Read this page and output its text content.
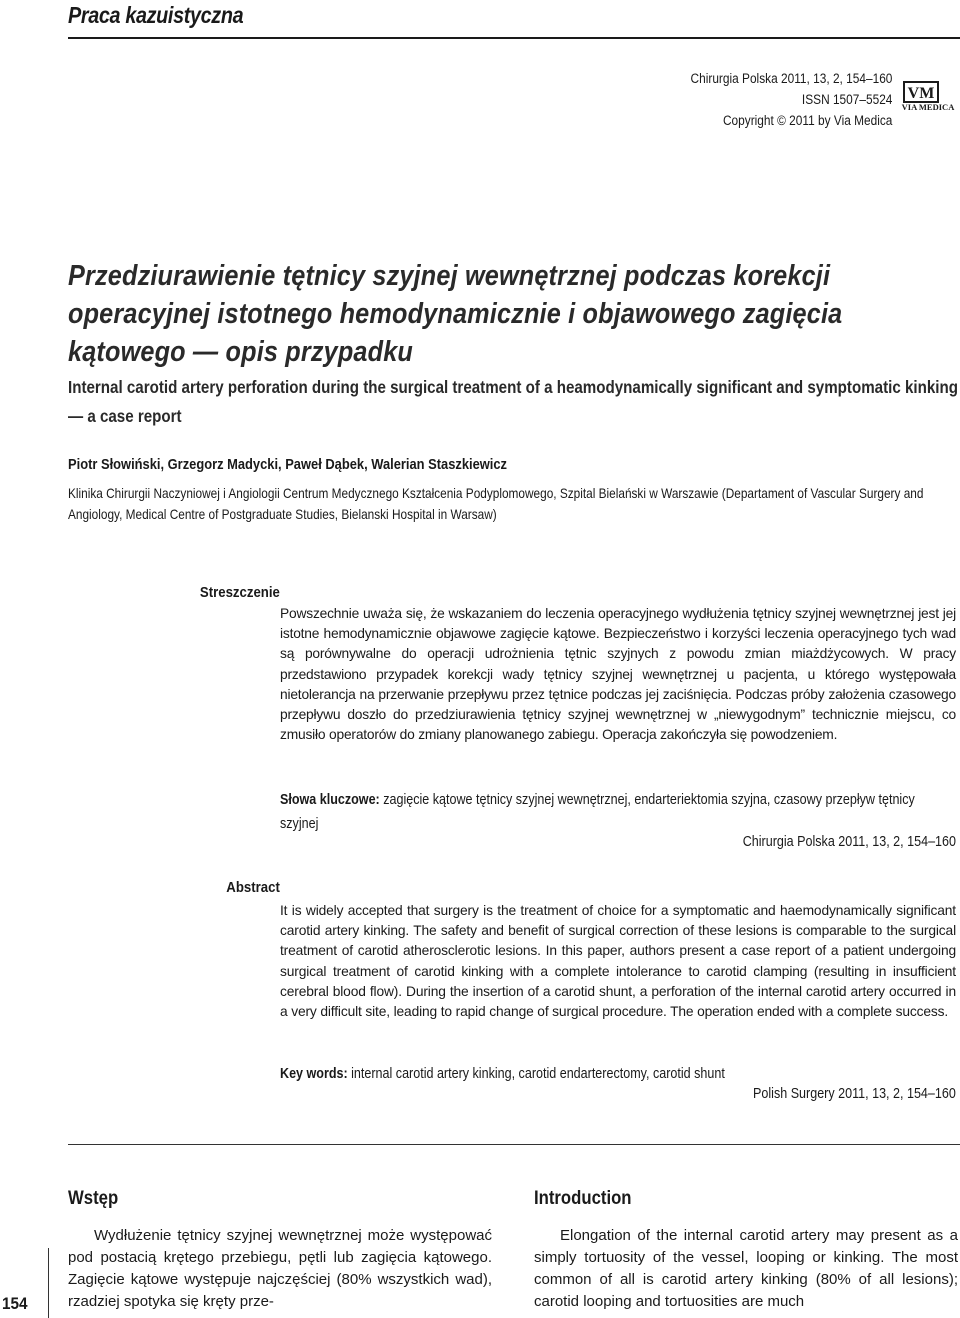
Praca kazuistyczna
Chirurgia Polska 2011, 13, 2, 154–160
ISSN 1507–5524
Copyright © 2011 by Via Medica
VM
VIA MEDICA
Przedziurawienie tętnicy szyjnej wewnętrznej podczas korekcji operacyjnej istotnego hemodynamicznie i objawowego zagięcia kątowego — opis przypadku
Internal carotid artery perforation during the surgical treatment of a heamodynamically significant and symptomatic kinking — a case report
Piotr Słowiński, Grzegorz Madycki, Paweł Dąbek, Walerian Staszkiewicz
Klinika Chirurgii Naczyniowej i Angiologii Centrum Medycznego Kształcenia Podyplomowego, Szpital Bielański w Warszawie (Departament of Vascular Surgery and Angiology, Medical Centre of Postgraduate Studies, Bielanski Hospital in Warsaw)
Streszczenie
Powszechnie uważa się, że wskazaniem do leczenia operacyjnego wydłużenia tętnicy szyjnej wewnętrznej jest jej istotne hemodynamicznie objawowe zagięcie kątowe. Bezpieczeństwo i korzyści leczenia operacyjnego tych wad są porównywalne do operacji udrożnienia tętnic szyjnych z powodu zmian miażdżycowych. W pracy przedstawiono przypadek korekcji wady tętnicy szyjnej wewnętrznej u pacjenta, u którego występowała nietolerancja na przerwanie przepływu przez tętnice podczas jej zaciśnięcia. Podczas próby założenia czasowego przepływu doszło do przedziurawienia tętnicy szyjnej wewnętrznej w „niewygodnym” technicznie miejscu, co zmusiło operatorów do zmiany planowanego zabiegu. Operacja zakończyła się powodzeniem.
Słowa kluczowe: zagięcie kątowe tętnicy szyjnej wewnętrznej, endarteriektomia szyjna, czasowy przepływ tętnicy szyjnej
Chirurgia Polska 2011, 13, 2, 154–160
Abstract
It is widely accepted that surgery is the treatment of choice for a symptomatic and haemodynamically significant carotid artery kinking. The safety and benefit of surgical correction of these lesions is comparable to the surgical treatment of carotid atherosclerotic lesions. In this paper, authors present a case report of a patient undergoing surgical treatment of carotid kinking with a complete intolerance to carotid clamping (resulting in insufficient cerebral blood flow). During the insertion of a carotid shunt, a perforation of the internal carotid artery occurred in a very difficult site, leading to rapid change of surgical procedure. The operation ended with a complete success.
Key words: internal carotid artery kinking, carotid endarterectomy, carotid shunt
Polish Surgery 2011, 13, 2, 154–160
Wstęp
Wydłużenie tętnicy szyjnej wewnętrznej może występować pod postacią krętego przebiegu, pętli lub zagięcia kątowego. Zagięcie kątowe występuje najczęściej (80% wszystkich wad), rzadziej spotyka się kręty prze-
Introduction
Elongation of the internal carotid artery may present as a simply tortuosity of the vessel, looping or kinking. The most common of all is carotid artery kinking (80% of all lesions); carotid looping and tortuosities are much
154
